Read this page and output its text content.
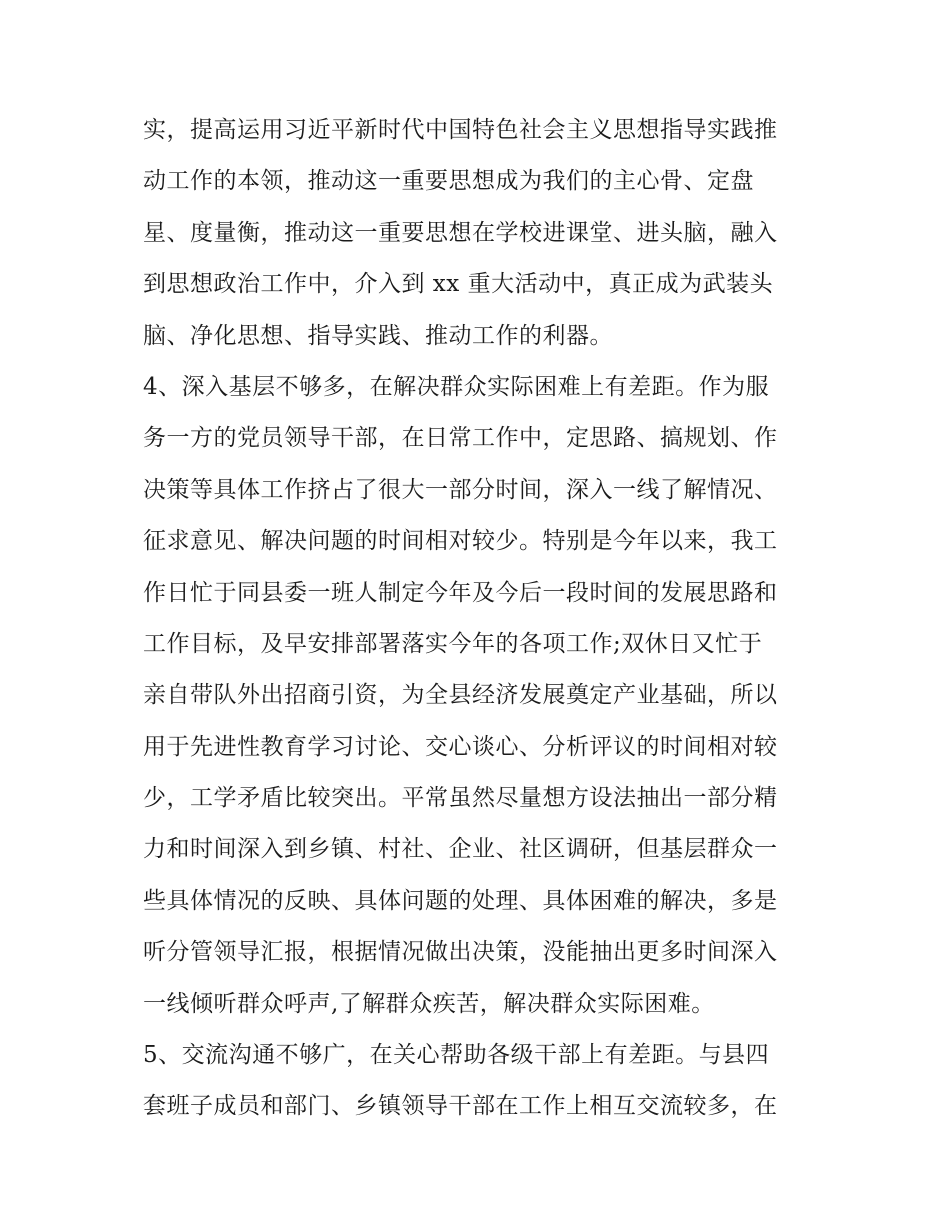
实，提高运用习近平新时代中国特色社会主义思想指导实践推
动工作的本领，推动这一重要思想成为我们的主心骨、定盘
星、度量衡，推动这一重要思想在学校进课堂、进头脑，融入
到思想政治工作中，介入到 xx 重大活动中，真正成为武装头
脑、净化思想、指导实践、推动工作的利器。
4、深入基层不够多，在解决群众实际困难上有差距。作为服
务一方的党员领导干部，在日常工作中，定思路、搞规划、作
决策等具体工作挤占了很大一部分时间，深入一线了解情况、
征求意见、解决问题的时间相对较少。特别是今年以来，我工
作日忙于同县委一班人制定今年及今后一段时间的发展思路和
工作目标，及早安排部署落实今年的各项工作;双休日又忙于
亲自带队外出招商引资，为全县经济发展奠定产业基础，所以
用于先进性教育学习讨论、交心谈心、分析评议的时间相对较
少，工学矛盾比较突出。平常虽然尽量想方设法抽出一部分精
力和时间深入到乡镇、村社、企业、社区调研，但基层群众一
些具体情况的反映、具体问题的处理、具体困难的解决，多是
听分管领导汇报，根据情况做出决策，没能抽出更多时间深入
一线倾听群众呼声,了解群众疾苦，解决群众实际困难。
5、交流沟通不够广，在关心帮助各级干部上有差距。与县四
套班子成员和部门、乡镇领导干部在工作上相互交流较多，在
